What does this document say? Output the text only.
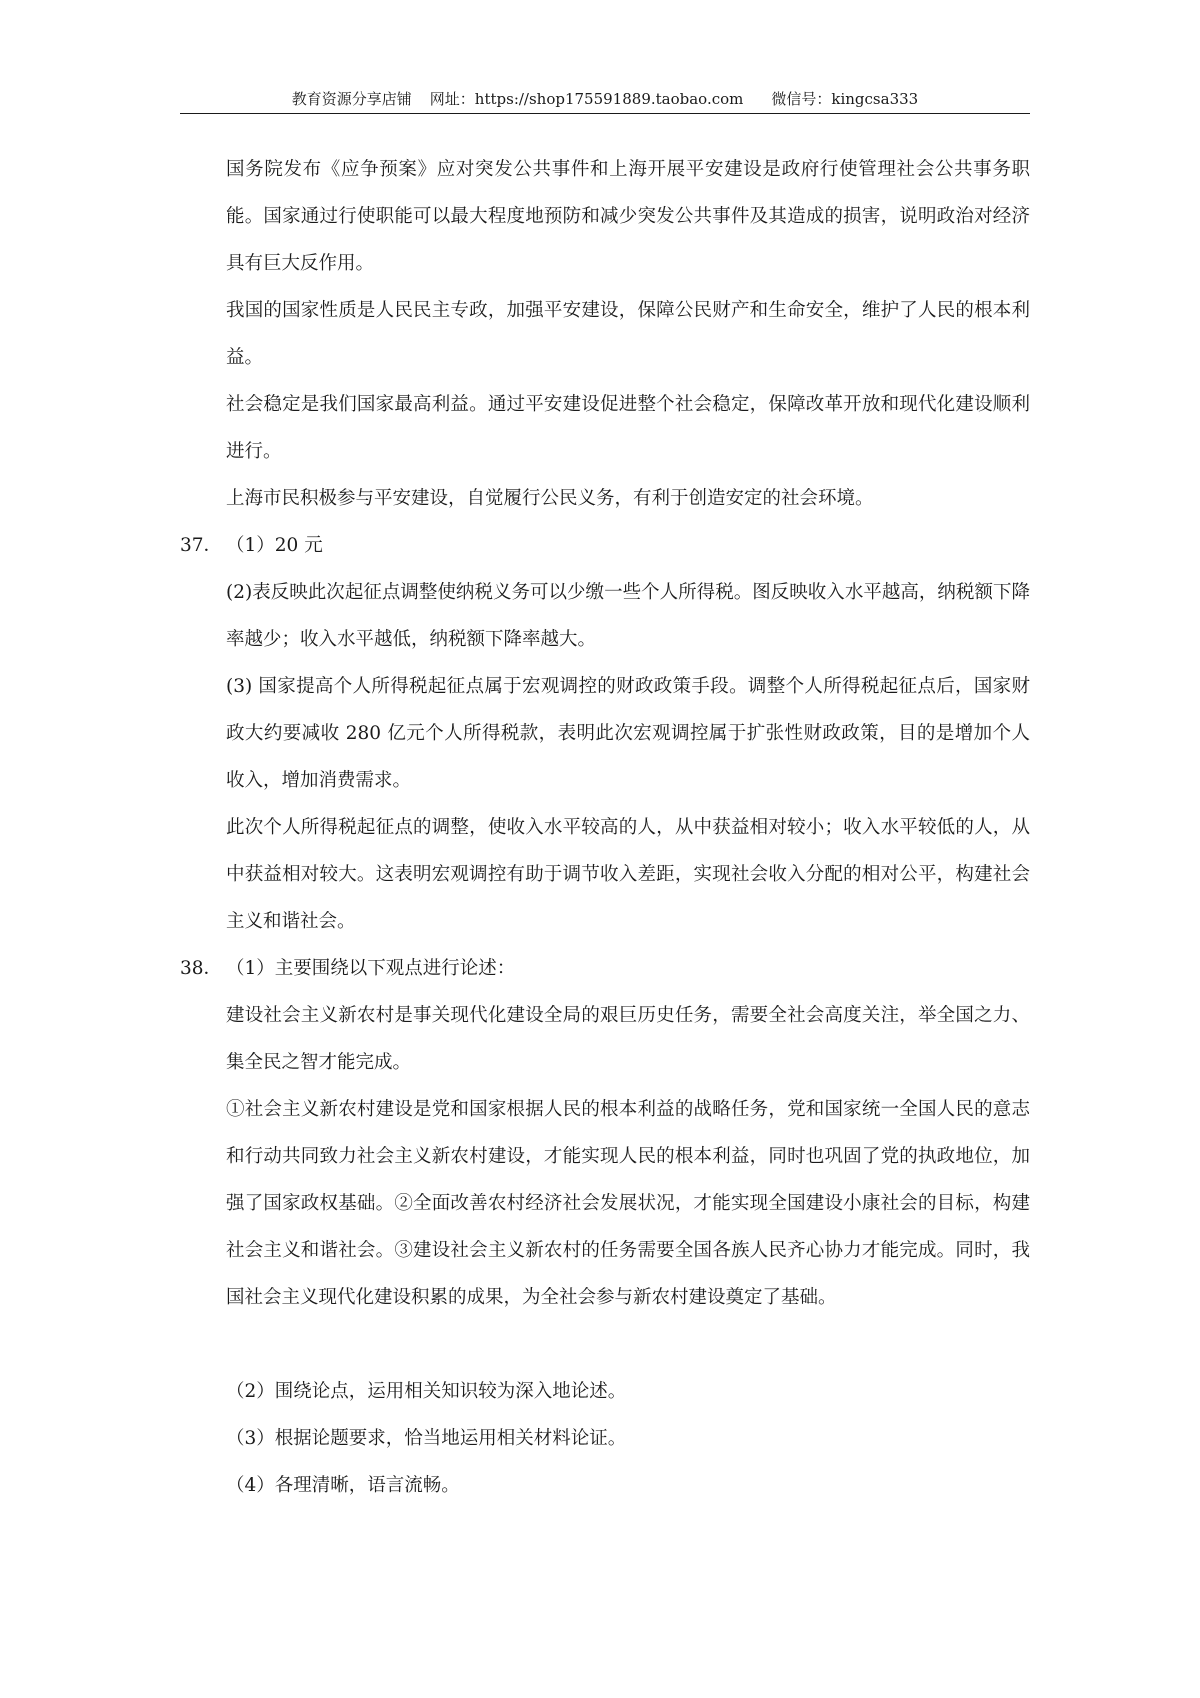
教育资源分享店铺 网址：https://shop175591889.taobao.com 微信号：kingcsa333
国务院发布《应争预案》应对突发公共事件和上海开展平安建设是政府行使管理社会公共事务职能。国家通过行使职能可以最大程度地预防和减少突发公共事件及其造成的损害，说明政治对经济具有巨大反作用。
我国的国家性质是人民民主专政，加强平安建设，保障公民财产和生命安全，维护了人民的根本利益。
社会稳定是我们国家最高利益。通过平安建设促进整个社会稳定，保障改革开放和现代化建设顺利进行。
上海市民积极参与平安建设，自觉履行公民义务，有利于创造安定的社会环境。
37． （1）20 元
(2)表反映此次起征点调整使纳税义务可以少缴一些个人所得税。图反映收入水平越高，纳税额下降率越少；收入水平越低，纳税额下降率越大。
(3) 国家提高个人所得税起征点属于宏观调控的财政政策手段。调整个人所得税起征点后，国家财政大约要减收 280 亿元个人所得税款，表明此次宏观调控属于扩张性财政政策，目的是增加个人收入，增加消费需求。
此次个人所得税起征点的调整，使收入水平较高的人，从中获益相对较小；收入水平较低的人，从中获益相对较大。这表明宏观调控有助于调节收入差距，实现社会收入分配的相对公平，构建社会主义和谐社会。
38． （1）主要围绕以下观点进行论述：
建设社会主义新农村是事关现代化建设全局的艰巨历史任务，需要全社会高度关注，举全国之力、集全民之智才能完成。
①社会主义新农村建设是党和国家根据人民的根本利益的战略任务，党和国家统一全国人民的意志和行动共同致力社会主义新农村建设，才能实现人民的根本利益，同时也巩固了党的执政地位，加强了国家政权基础。②全面改善农村经济社会发展状况，才能实现全国建设小康社会的目标，构建社会主义和谐社会。③建设社会主义新农村的任务需要全国各族人民齐心协力才能完成。同时，我国社会主义现代化建设积累的成果，为全社会参与新农村建设奠定了基础。
（2）围绕论点，运用相关知识较为深入地论述。
（3）根据论题要求，恰当地运用相关材料论证。
（4）各理清晰，语言流畅。
